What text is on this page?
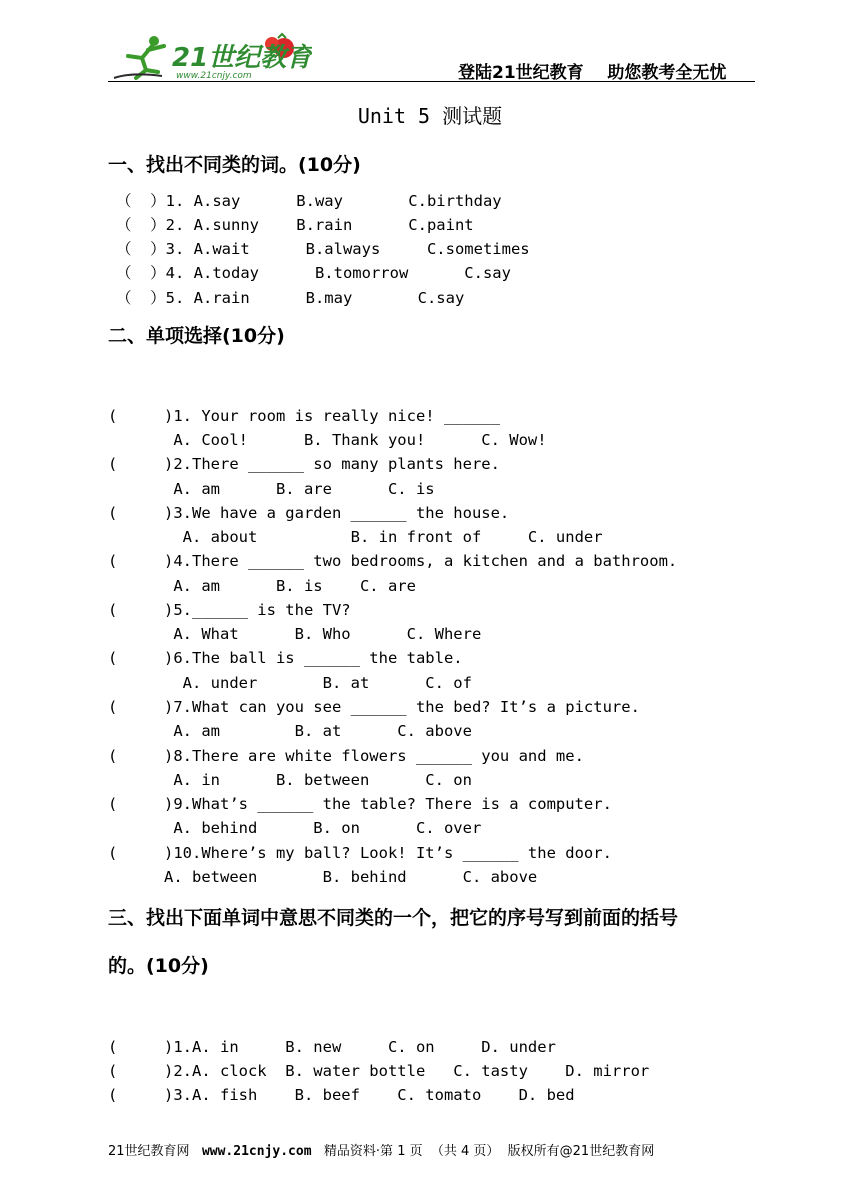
21世纪教育
www.21cnjy.com	登陆21世纪教育    助您教考全无忧
Unit 5 测试题
一、找出不同类的词。(10分)
（  ）1. A.say      B.way       C.birthday
（  ）2. A.sunny    B.rain      C.paint
（  ）3. A.wait      B.always     C.sometimes
（  ）4. A.today      B.tomorrow      C.say
（  ）5. A.rain      B.may       C.say
二、单项选择(10分)
(     )1. Your room is really nice! ______
A. Cool!      B. Thank you!      C. Wow!
(     )2.There ______ so many plants here.
A. am      B. are      C. is
(     )3.We have a garden ______ the house.
A. about          B. in front of     C. under
(     )4.There ______ two bedrooms, a kitchen and a bathroom.
A. am      B. is    C. are
(     )5.______ is the TV?
A. What      B. Who      C. Where
(     )6.The ball is ______ the table.
A. under       B. at      C. of
(     )7.What can you see ______ the bed? It’s a picture.
A. am        B. at      C. above
(     )8.There are white flowers ______ you and me.
A. in      B. between      C. on
(     )9.What’s ______ the table? There is a computer.
A. behind      B. on      C. over
(     )10.Where’s my ball? Look! It’s ______ the door.
A. between       B. behind      C. above
三、找出下面单词中意思不同类的一个，把它的序号写到前面的括号
的。(10分)
(     )1.A. in     B. new     C. on     D. under
(     )2.A. clock  B. water bottle   C. tasty    D. mirror
(     )3.A. fish    B. beef    C. tomato    D. bed
21世纪教育网   www.21cnjy.com   精品资料·第 1 页  （共 4 页）  版权所有@21世纪教育网
